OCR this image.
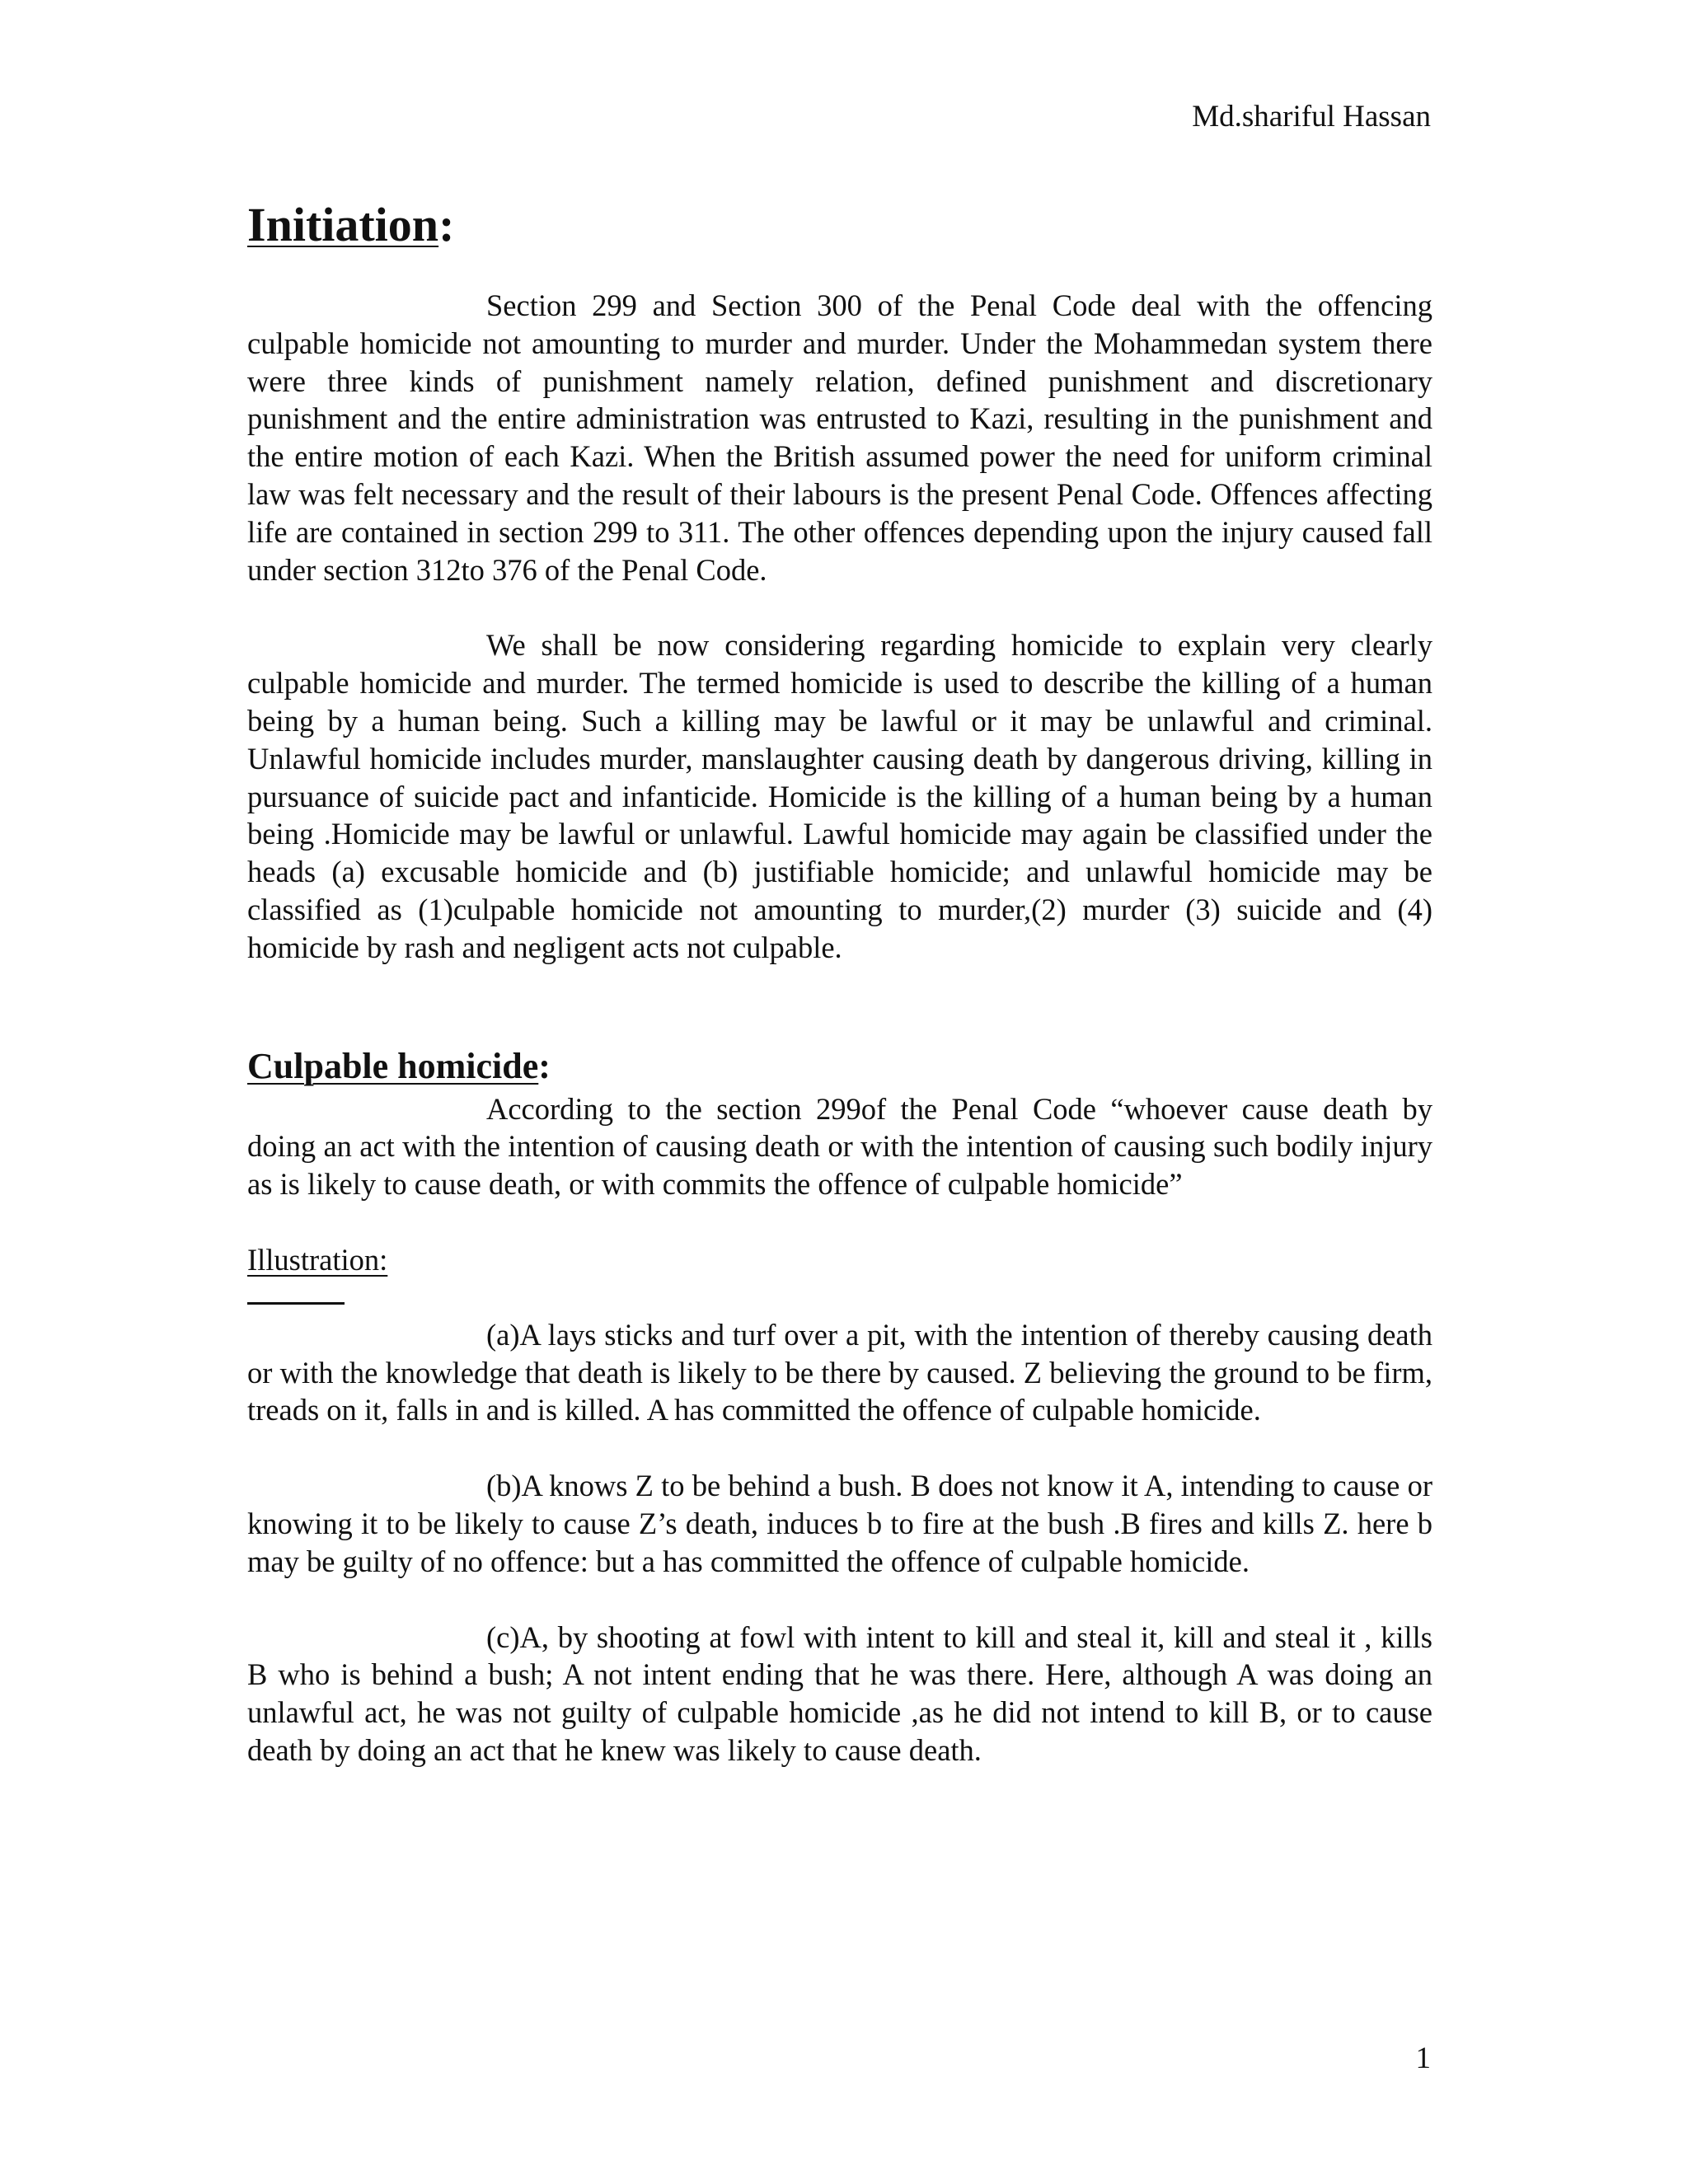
Md.shariful Hassan
Initiation:

Section 299 and Section 300 of the Penal Code deal with the offencing culpable homicide not amounting to murder and murder. Under the Mohammedan system there were three kinds of punishment namely relation, defined punishment and discretionary punishment and the entire administration was entrusted to Kazi, resulting in the punishment and the entire motion of each Kazi. When the British assumed power the need for uniform criminal law was felt necessary and the result of their labours is the present Penal Code. Offences affecting life are contained in section 299 to 311. The other offences depending upon the injury caused fall under section 312to 376 of the Penal Code.

We shall be now considering regarding homicide to explain very clearly culpable homicide and murder. The termed homicide is used to describe the killing of a human being by a human being. Such a killing may be lawful or it may be unlawful and criminal. Unlawful homicide includes murder, manslaughter causing death by dangerous driving, killing in pursuance of suicide pact and infanticide. Homicide is the killing of a human being by a human being .Homicide may be lawful or unlawful. Lawful homicide may again be classified under the heads (a) excusable homicide and (b) justifiable homicide; and unlawful homicide may be classified as (1)culpable homicide not amounting to murder,(2) murder (3) suicide and (4) homicide by rash and negligent acts not culpable.

Culpable homicide:

According to the section 299of the Penal Code “whoever cause death by doing an act with the intention of causing death or with the intention of causing such bodily injury as is likely to cause death, or with commits the offence of culpable homicide”

Illustration:

(a)A lays sticks and turf over a pit, with the intention of thereby causing death or with the knowledge that death is likely to be there by caused. Z believing the ground to be firm, treads on it, falls in and is killed. A has committed the offence of culpable homicide.

(b)A knows Z to be behind a bush. B does not know it A, intending to cause or knowing it to be likely to cause Z’s death, induces b to fire at the bush .B fires and kills Z. here b may be guilty of no offence: but a has committed the offence of culpable homicide.

(c)A, by shooting at fowl with intent to kill and steal it, kill and steal it , kills B who is behind a bush; A not intent ending that he was there. Here, although A was doing an unlawful act, he was not guilty of culpable homicide ,as he did not intend to kill B, or to cause death by doing an act that he knew was likely to cause death.

1
